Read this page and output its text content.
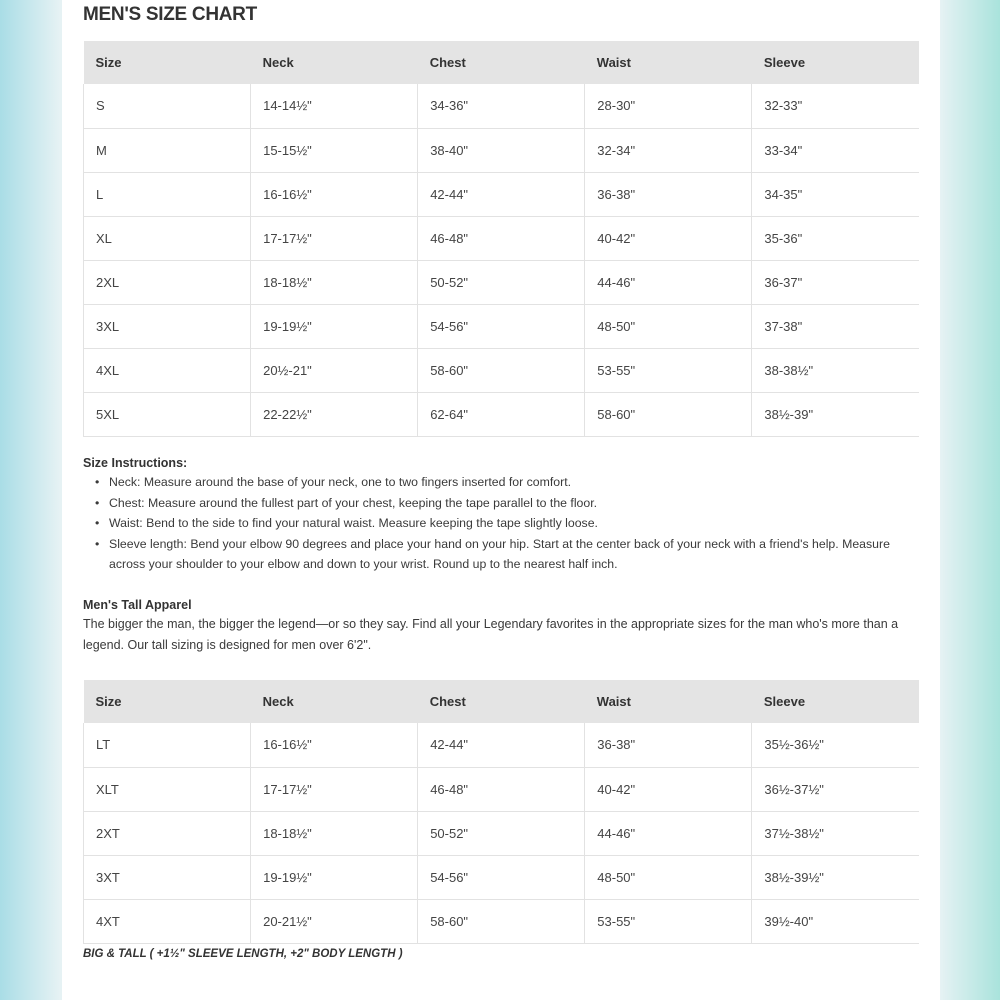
MEN'S SIZE CHART
Size	Neck	Chest	Waist	Sleeve
S	14-14½"	34-36"	28-30"	32-33"
M	15-15½"	38-40"	32-34"	33-34"
L	16-16½"	42-44"	36-38"	34-35"
XL	17-17½"	46-48"	40-42"	35-36"
2XL	18-18½"	50-52"	44-46"	36-37"
3XL	19-19½"	54-56"	48-50"	37-38"
4XL	20½-21"	58-60"	53-55"	38-38½"
5XL	22-22½"	62-64"	58-60"	38½-39"
Size Instructions:
• Neck: Measure around the base of your neck, one to two fingers inserted for comfort.
• Chest: Measure around the fullest part of your chest, keeping the tape parallel to the floor.
• Waist: Bend to the side to find your natural waist. Measure keeping the tape slightly loose.
• Sleeve length: Bend your elbow 90 degrees and place your hand on your hip. Start at the center back of your neck with a friend's help. Measure across your shoulder to your elbow and down to your wrist. Round up to the nearest half inch.
Men's Tall Apparel

The bigger the man, the bigger the legend—or so they say. Find all your Legendary favorites in the appropriate sizes for the man who's more than a legend. Our tall sizing is designed for men over 6'2".

Size	Neck	Chest	Waist	Sleeve
LT	16-16½"	42-44"	36-38"	35½-36½"
XLT	17-17½"	46-48"	40-42"	36½-37½"
2XT	18-18½"	50-52"	44-46"	37½-38½"
3XT	19-19½"	54-56"	48-50"	38½-39½"
4XT	20-21½"	58-60"	53-55"	39½-40"
BIG & TALL ( +1½" SLEEVE LENGTH, +2" BODY LENGTH )
